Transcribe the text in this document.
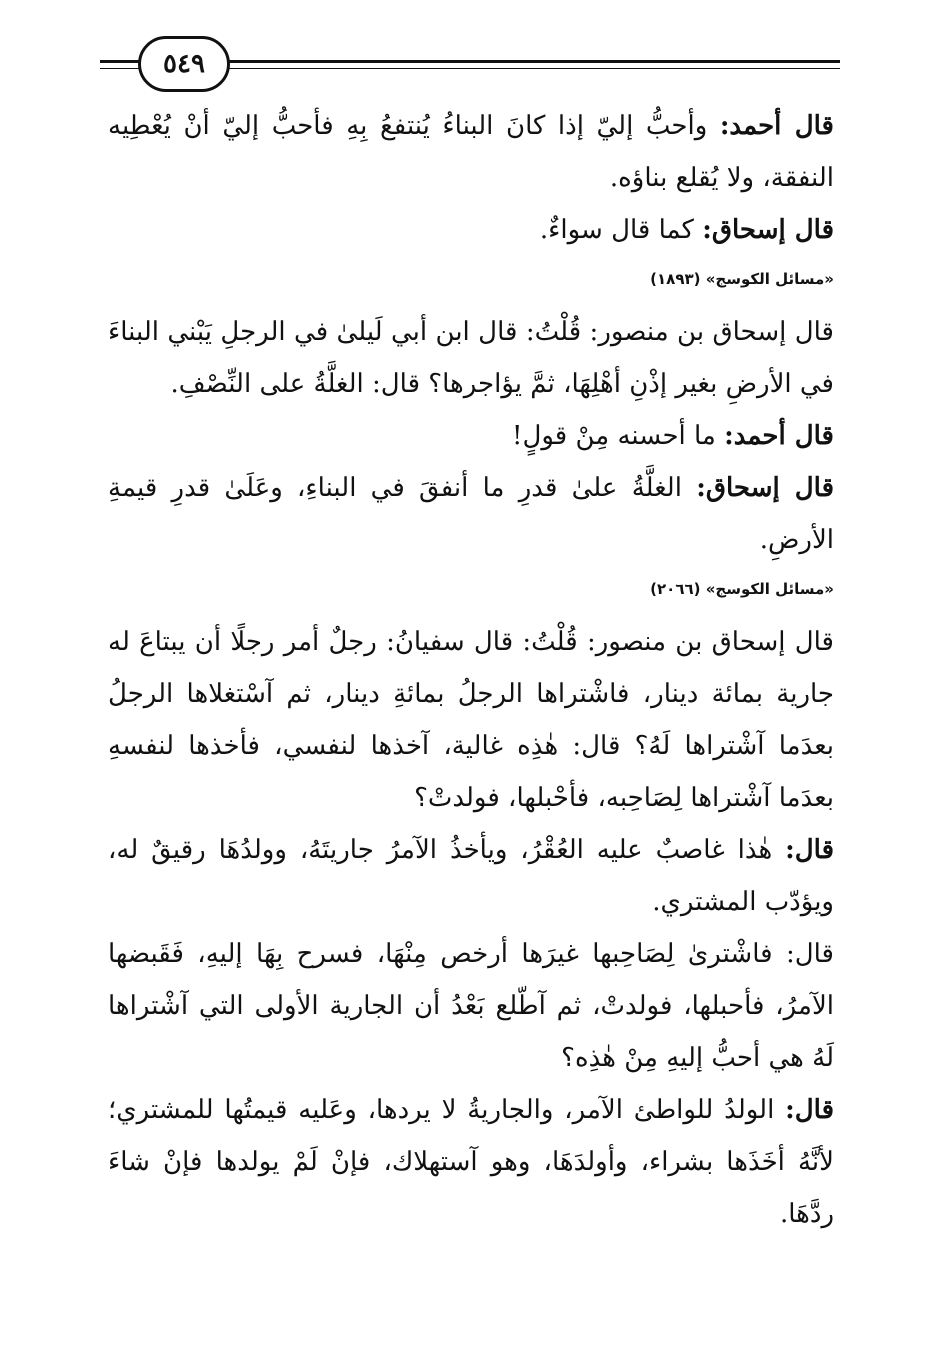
٥٤٩

قال أحمد: وأحبُّ إليّ إذا كانَ البناءُ يُنتفعُ بِهِ فأحبُّ إليّ أنْ يُعْطِيه النفقة، ولا يُقلع بناؤه.

قال إسحاق: كما قال سواءٌ.

«مسائل الكوسج» (١٨٩٣)

قال إسحاق بن منصور: قُلْتُ: قال ابن أبي لَيلىٰ في الرجلِ يَبْني البناءَ في الأرضِ بغير إذْنِ أهْلِهَا، ثمَّ يؤاجرها؟ قال: الغلَّةُ على النِّصْفِ.

قال أحمد: ما أحسنه مِنْ قولٍ!

قال إسحاق: الغلَّةُ علىٰ قدرِ ما أنفقَ في البناءِ، وعَلَىٰ قدرِ قيمةِ الأرضِ.

«مسائل الكوسج» (٢٠٦٦)

قال إسحاق بن منصور: قُلْتُ: قال سفيانُ: رجلٌ أمر رجلًا أن يبتاعَ له جارية بمائة دينار، فاشْتراها الرجلُ بمائةِ دينار، ثم آسْتغلاها الرجلُ بعدَما آشْتراها لَهُ؟ قال: هٰذِه غالية، آخذها لنفسي، فأخذها لنفسهِ بعدَما آشْتراها لِصَاحِبه، فأحْبلها، فولدتْ؟

قال: هٰذا غاصبٌ عليه العُقْرُ، ويأخذُ الآمرُ جاريتَهُ، وولدُهَا رقيقٌ له، ويؤدّب المشتري.

قال: فاشْترىٰ لِصَاحِبها غيرَها أرخص مِنْهَا، فسرح بِهَا إليهِ، فَقَبضها الآمرُ، فأحبلها، فولدتْ، ثم آطّلع بَعْدُ أن الجارية الأولى التي آشْتراها لَهُ هي أحبُّ إليهِ مِنْ هٰذِه؟

قال: الولدُ للواطئ الآمر، والجاريةُ لا يردها، وعَليه قيمتُها للمشتري؛ لأنَّهُ أخَذَها بشراء، وأولدَهَا، وهو آستهلاك، فإنْ لَمْ يولدها فإنْ شاءَ ردَّهَا.
